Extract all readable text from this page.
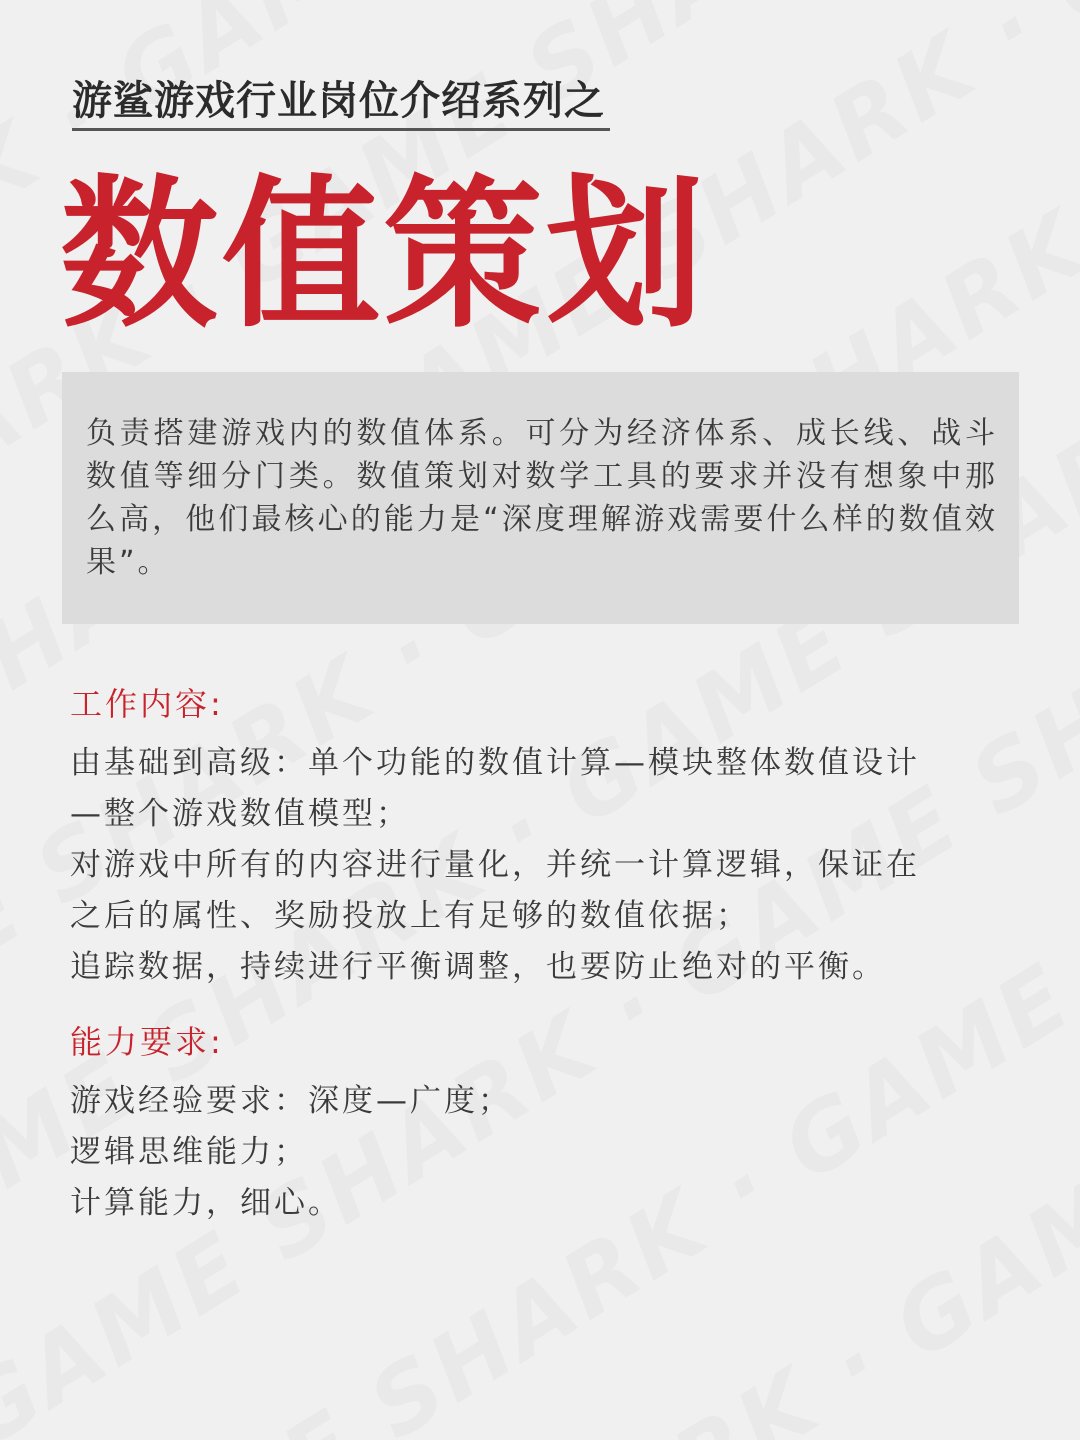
游鲨游戏行业岗位介绍系列之
数值策划

负责搭建游戏内的数值体系。可分为经济体系、成长线、战斗数值等细分门类。数值策划对数学工具的要求并没有想象中那么高，他们最核心的能力是“深度理解游戏需要什么样的数值效果”。

工作内容:

由基础到高级：单个功能的数值计算—模块整体数值设计

—整个游戏数值模型；

对游戏中所有的内容进行量化，并统一计算逻辑，保证在

之后的属性、奖励投放上有足够的数值依据；

追踪数据，持续进行平衡调整，也要防止绝对的平衡。

能力要求:

游戏经验要求：深度—广度；

逻辑思维能力；

计算能力，细心。
